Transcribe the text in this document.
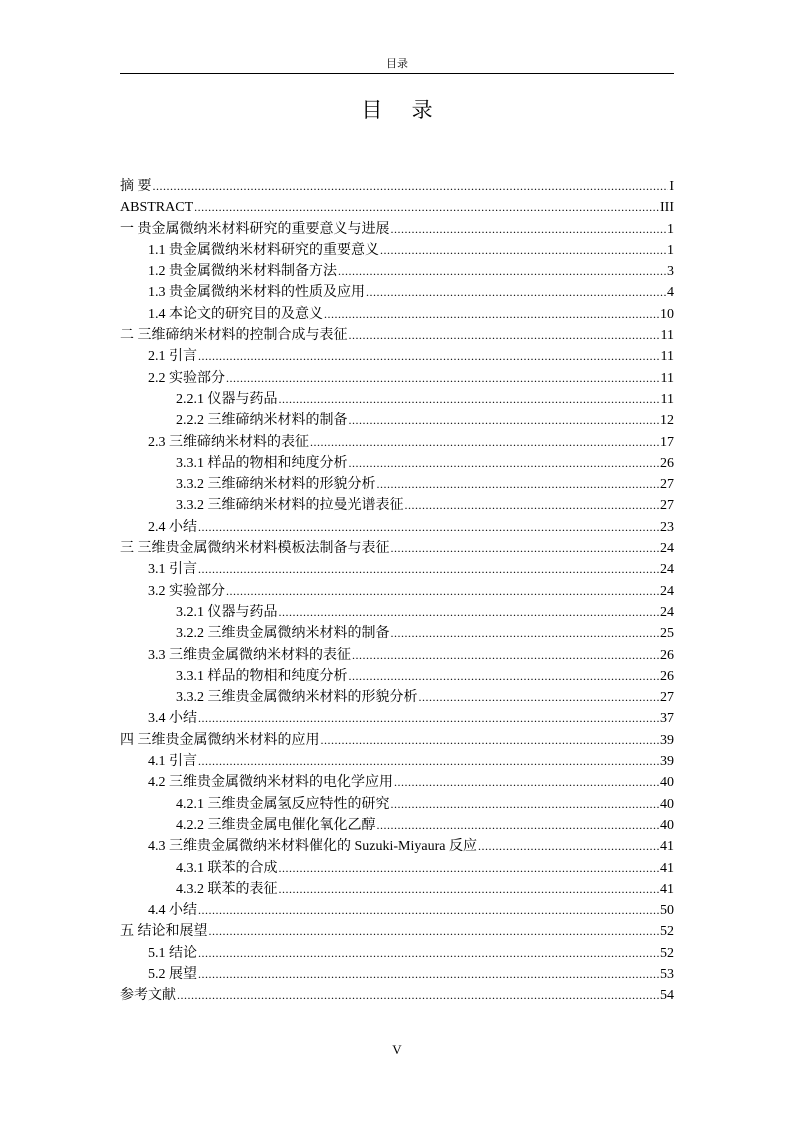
目录
目 录
摘 要 .....	I
ABSTRACT .....	III
一 贵金属微纳米材料研究的重要意义与进展 .....	1
1.1 贵金属微纳米材料研究的重要意义 .....	1
1.2 贵金属微纳米材料制备方法 .....	3
1.3 贵金属微纳米材料的性质及应用 .....	4
1.4 本论文的研究目的及意义 .....	10
二 三维碲纳米材料的控制合成与表征 .....	11
2.1 引言 .....	11
2.2 实验部分 .....	11
2.2.1 仪器与药品 .....	11
2.2.2 三维碲纳米材料的制备 .....	12
2.3 三维碲纳米材料的表征 .....	17
3.3.1 样品的物相和纯度分析 .....	26
3.3.2 三维碲纳米材料的形貌分析 .....	27
3.3.2 三维碲纳米材料的拉曼光谱表征 .....	27
2.4 小结 .....	23
三 三维贵金属微纳米材料模板法制备与表征 .....	24
3.1 引言 .....	24
3.2 实验部分 .....	24
3.2.1 仪器与药品 .....	24
3.2.2 三维贵金属微纳米材料的制备 .....	25
3.3 三维贵金属微纳米材料的表征 .....	26
3.3.1 样品的物相和纯度分析 .....	26
3.3.2 三维贵金属微纳米材料的形貌分析 .....	27
3.4 小结 .....	37
四 三维贵金属微纳米材料的应用 .....	39
4.1 引言 .....	39
4.2 三维贵金属微纳米材料的电化学应用 .....	40
4.2.1 三维贵金属氢反应特性的研究 .....	40
4.2.2 三维贵金属电催化氧化乙醇 .....	40
4.3 三维贵金属微纳米材料催化的 Suzuki-Miyaura 反应 .....	41
4.3.1 联苯的合成 .....	41
4.3.2 联苯的表征 .....	41
4.4 小结 .....	50
五 结论和展望 .....	52
5.1 结论 .....	52
5.2 展望 .....	53
参考文献 .....	54
V
